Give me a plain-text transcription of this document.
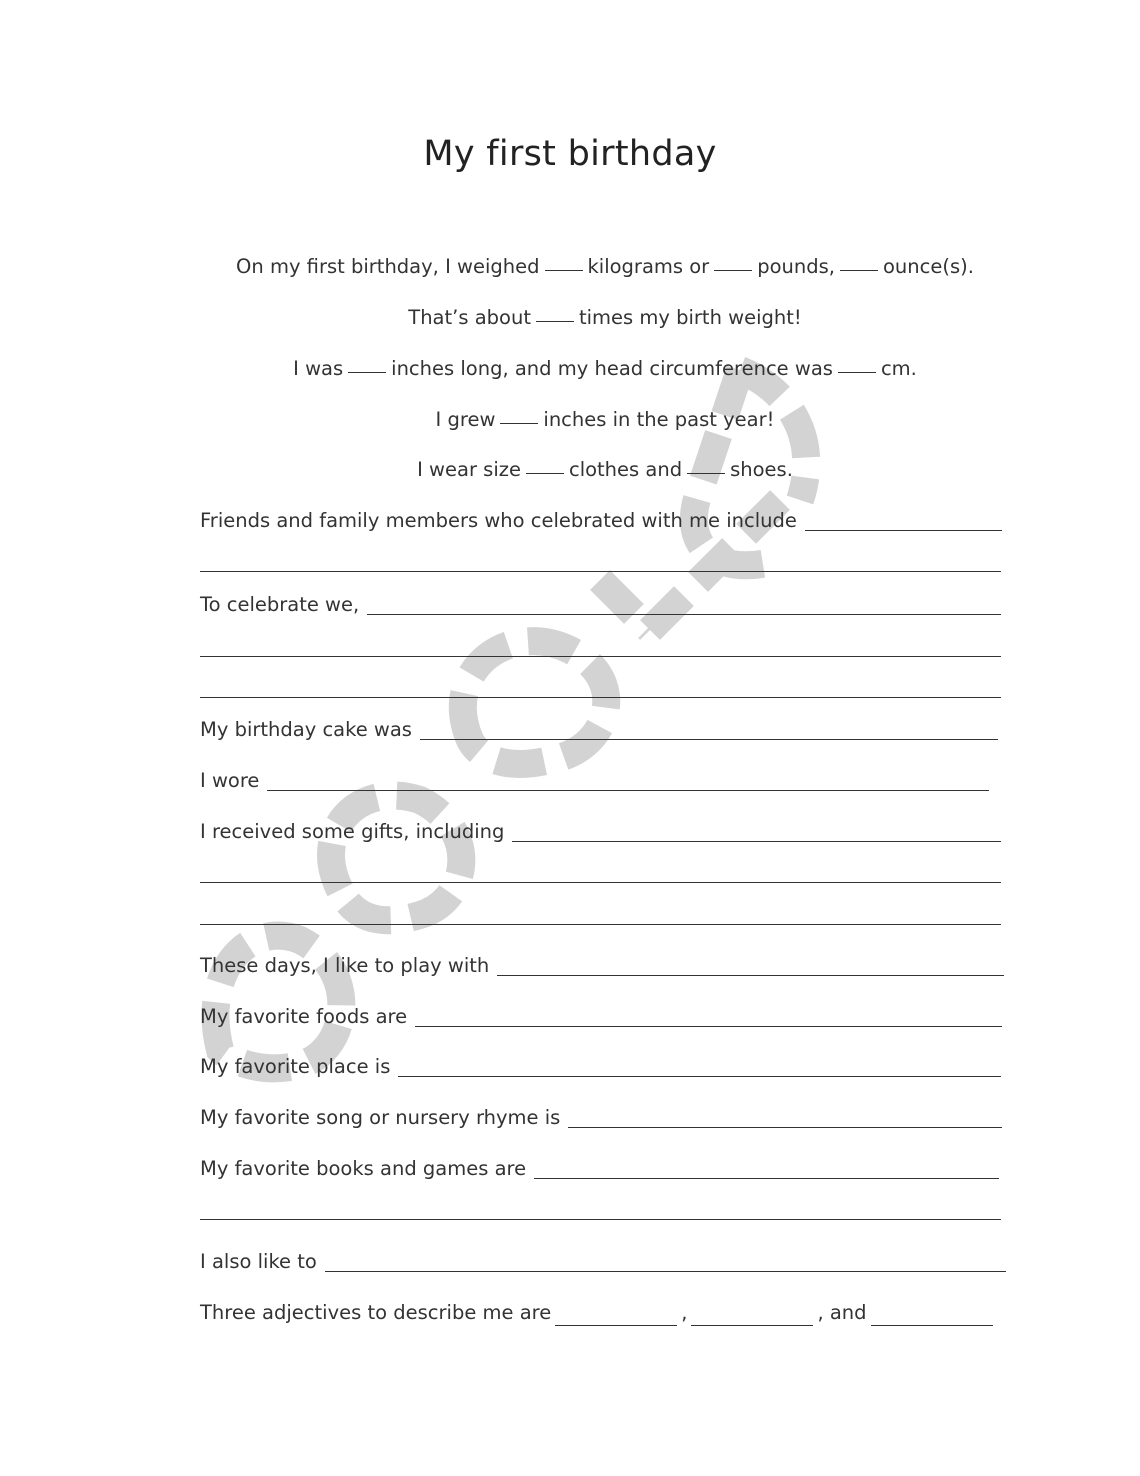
My first birthday
On my first birthday, I weighed kilograms or pounds, ounce(s).
That’s about times my birth weight!
I was inches long, and my head circumference was cm.
I grew inches in the past year!
I wear size clothes and shoes.
Friends and family members who celebrated with me include
To celebrate we,
My birthday cake was
I wore
I received some gifts, including
These days, I like to play with
My favorite foods are
My favorite place is
My favorite song or nursery rhyme is
My favorite books and games are
I also like to
Three adjectives to describe me are	,	, and
